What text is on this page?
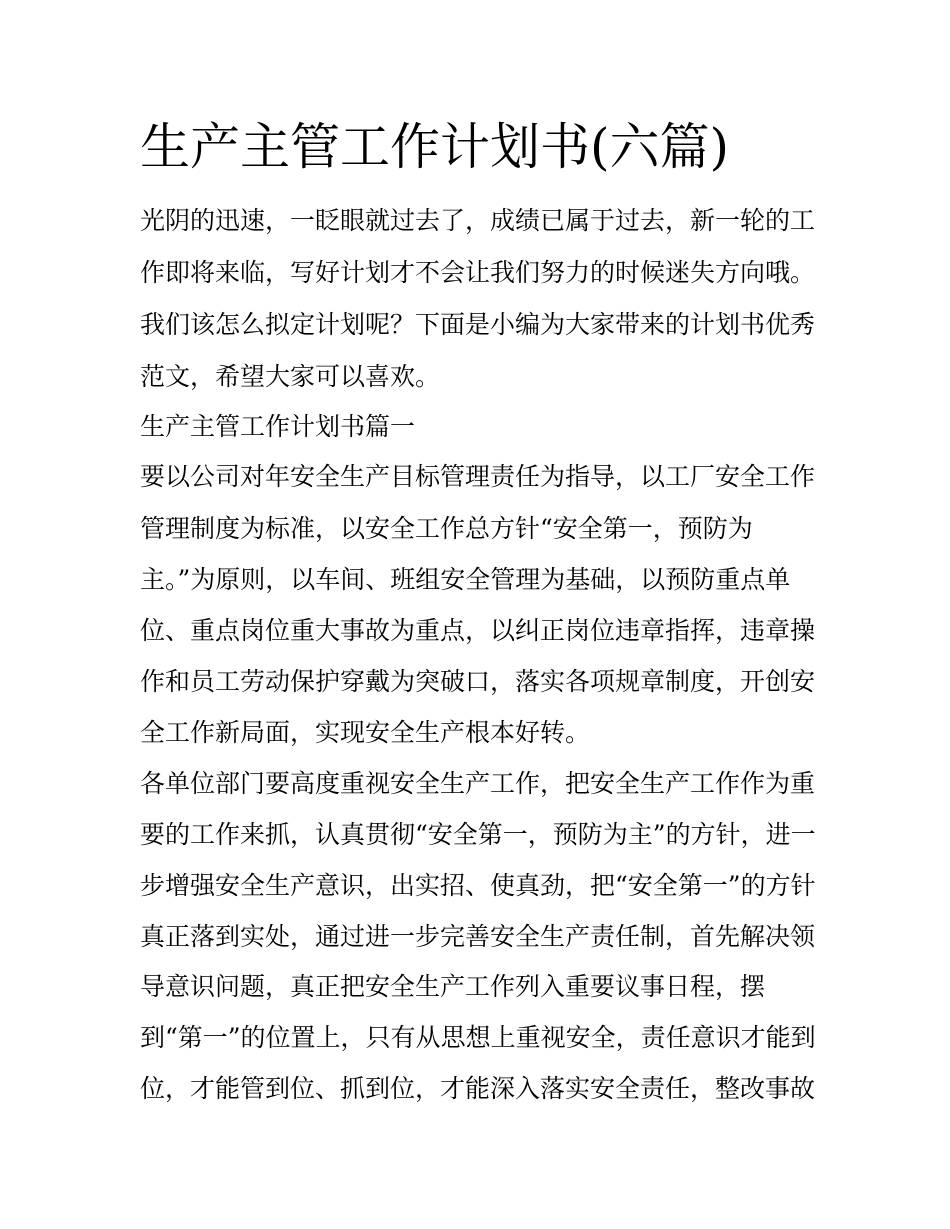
生产主管工作计划书(六篇)

光阴的迅速，一眨眼就过去了，成绩已属于过去，新一轮的工

作即将来临，写好计划才不会让我们努力的时候迷失方向哦。

我们该怎么拟定计划呢？下面是小编为大家带来的计划书优秀

范文，希望大家可以喜欢。

生产主管工作计划书篇一

要以公司对年安全生产目标管理责任为指导，以工厂安全工作

管理制度为标准，以安全工作总方针“安全第一，预防为

主。”为原则，以车间、班组安全管理为基础，以预防重点单

位、重点岗位重大事故为重点，以纠正岗位违章指挥，违章操

作和员工劳动保护穿戴为突破口，落实各项规章制度，开创安

全工作新局面，实现安全生产根本好转。

各单位部门要高度重视安全生产工作，把安全生产工作作为重

要的工作来抓，认真贯彻“安全第一，预防为主”的方针，进一

步增强安全生产意识，出实招、使真劲，把“安全第一”的方针

真正落到实处，通过进一步完善安全生产责任制，首先解决领

导意识问题，真正把安全生产工作列入重要议事日程，摆

到“第一”的位置上，只有从思想上重视安全，责任意识才能到

位，才能管到位、抓到位，才能深入落实安全责任，整改事故
